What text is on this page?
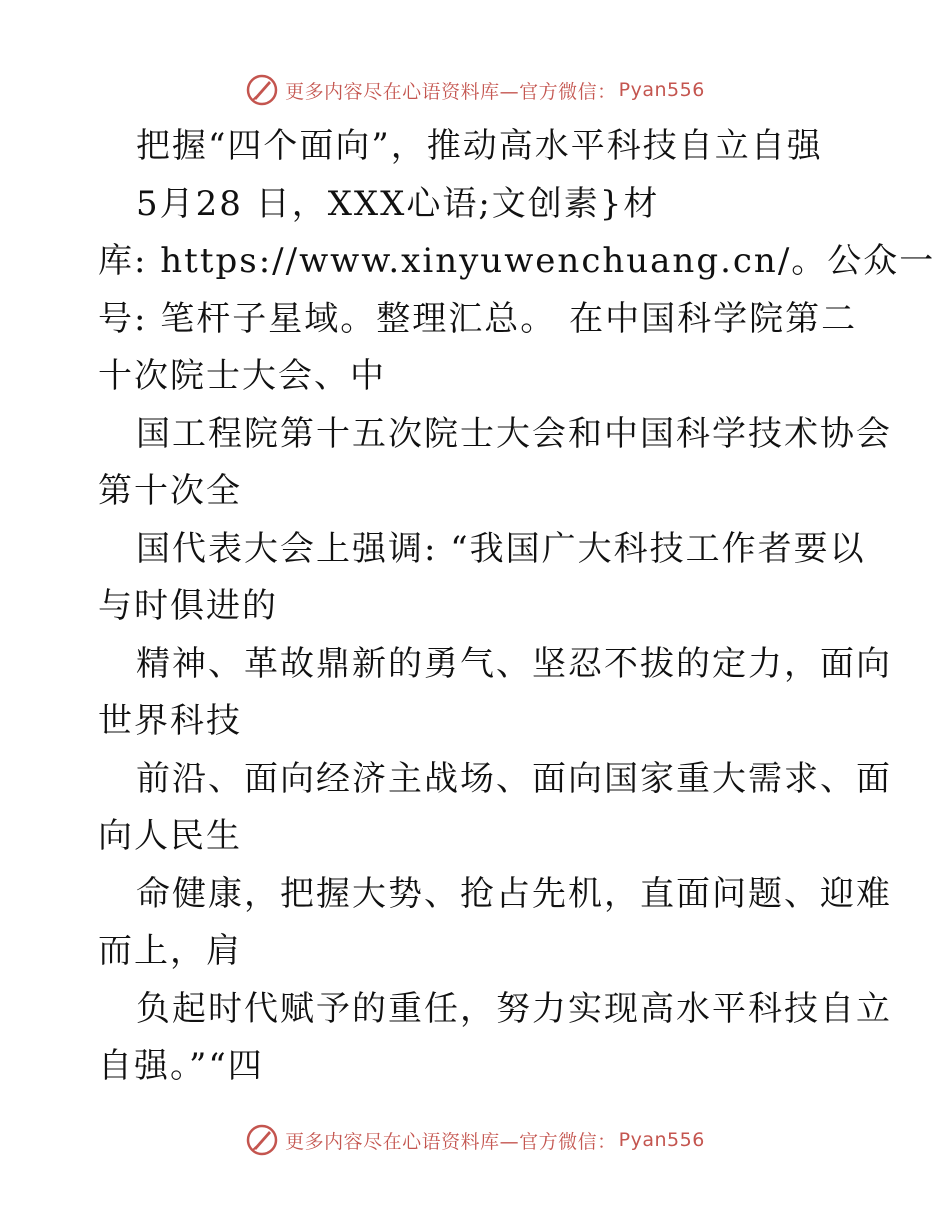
更多内容尽在心语资料库—官方微信： Pyan556
把握“四个面向”，推动高水平科技自立自强
5月28 日，XXX心语;文创素}材
库: https://www.xinyuwenchuang.cn/。公众一
号: 笔杆子星域。整理汇总。 在中国科学院第二
十次院士大会、中
国工程院第十五次院士大会和中国科学技术协会
第十次全
国代表大会上强调: “我国广大科技工作者要以
与时俱进的
精神、革故鼎新的勇气、坚忍不拔的定力，面向
世界科技
前沿、面向经济主战场、面向国家重大需求、面
向人民生
命健康，把握大势、抢占先机，直面问题、迎难
而上，肩
负起时代赋予的重任，努力实现高水平科技自立
自强。”“四
更多内容尽在心语资料库—官方微信： Pyan556
